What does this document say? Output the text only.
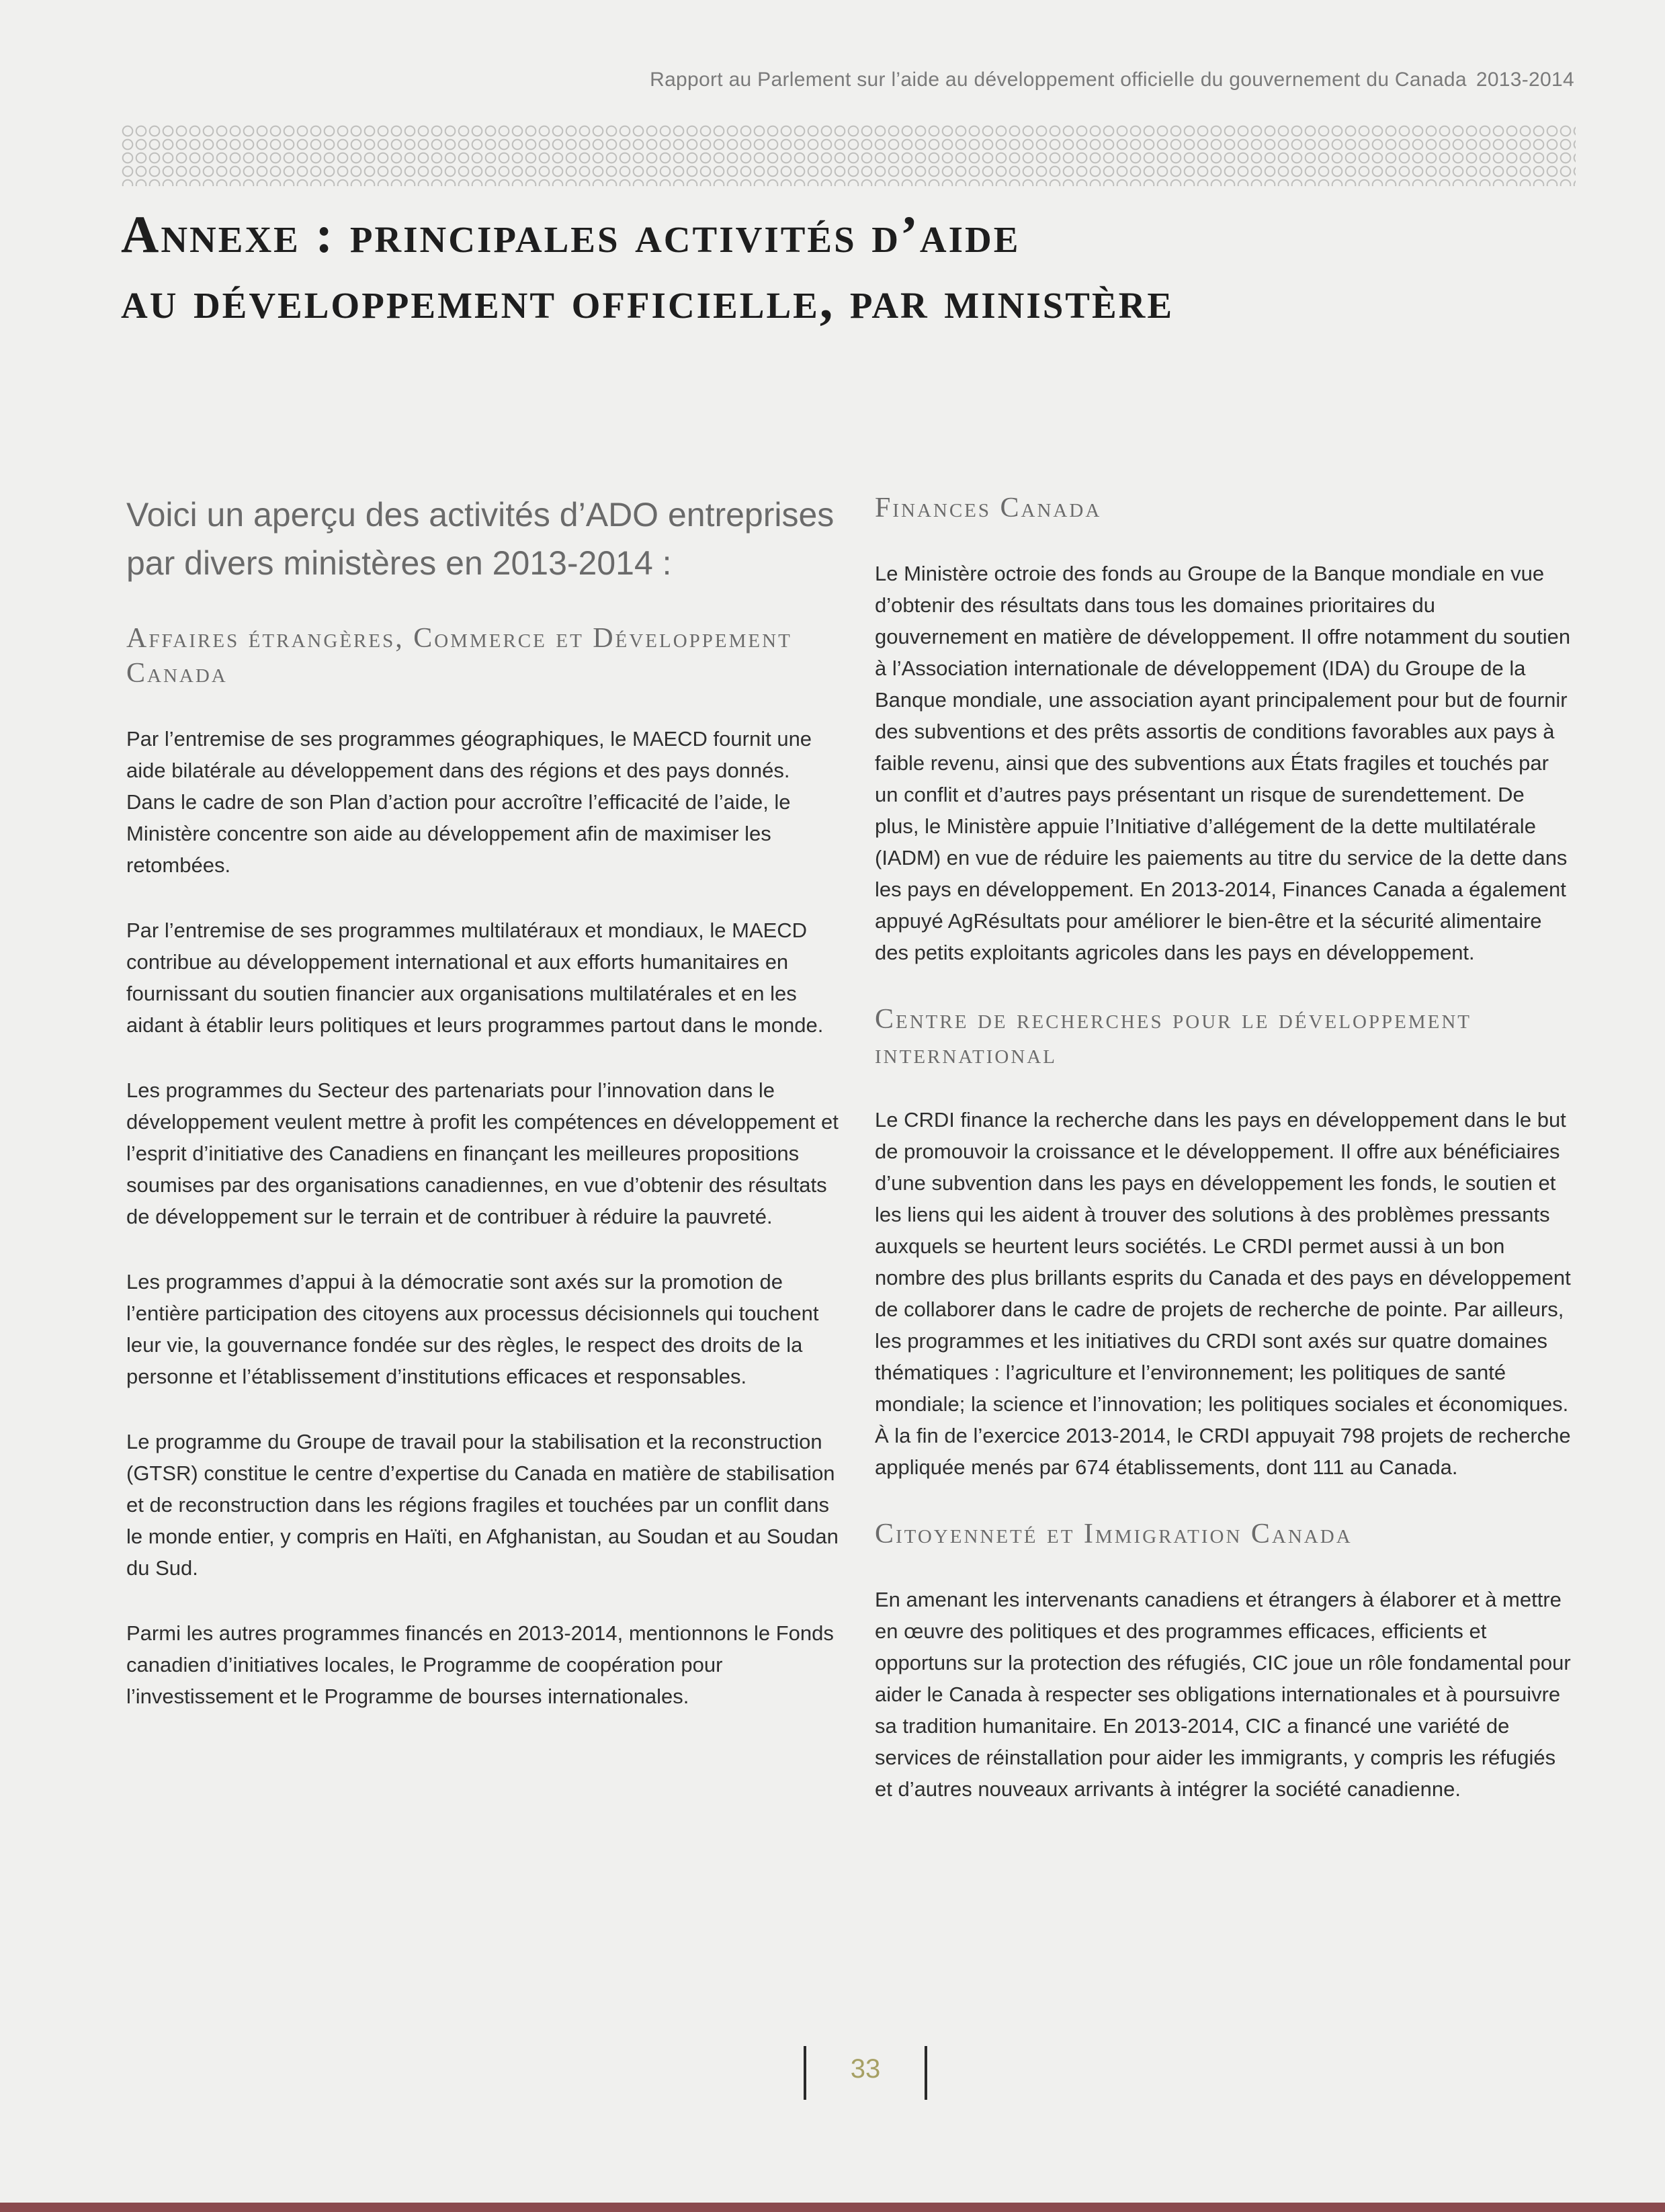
Rapport au Parlement sur l’aide au développement officielle du gouvernement du Canada 2013-2014
Annexe : principales activités d’aide
au développement officielle, par ministère

Voici un aperçu des activités d’ADO entreprises par divers ministères en 2013-2014 :

Affaires étrangères, Commerce et Développement Canada

Par l’entremise de ses programmes géographiques, le MAECD fournit une aide bilatérale au développement dans des régions et des pays donnés. Dans le cadre de son Plan d’action pour accroître l’efficacité de l’aide, le Ministère concentre son aide au développement afin de maximiser les retombées.

Par l’entremise de ses programmes multilatéraux et mondiaux, le MAECD contribue au développement international et aux efforts humanitaires en fournissant du soutien financier aux organisations multilatérales et en les aidant à établir leurs politiques et leurs programmes partout dans le monde.

Les programmes du Secteur des partenariats pour l’innovation dans le développement veulent mettre à profit les compétences en développement et l’esprit d’initiative des Canadiens en finançant les meilleures propositions soumises par des organisations canadiennes, en vue d’obtenir des résultats de développement sur le terrain et de contribuer à réduire la pauvreté.

Les programmes d’appui à la démocratie sont axés sur la promotion de l’entière participation des citoyens aux processus décisionnels qui touchent leur vie, la gouvernance fondée sur des règles, le respect des droits de la personne et l’établissement d’institutions efficaces et responsables.

Le programme du Groupe de travail pour la stabilisation et la reconstruction (GTSR) constitue le centre d’expertise du Canada en matière de stabilisation et de reconstruction dans les régions fragiles et touchées par un conflit dans le monde entier, y compris en Haïti, en Afghanistan, au Soudan et au Soudan du Sud.

Parmi les autres programmes financés en 2013-2014, mentionnons le Fonds canadien d’initiatives locales, le Programme de coopération pour l’investissement et le Programme de bourses internationales.

Finances Canada

Le Ministère octroie des fonds au Groupe de la Banque mondiale en vue d’obtenir des résultats dans tous les domaines prioritaires du gouvernement en matière de développement. Il offre notamment du soutien à l’Association internationale de développement (IDA) du Groupe de la Banque mondiale, une association ayant principalement pour but de fournir des subventions et des prêts assortis de conditions favorables aux pays à faible revenu, ainsi que des subventions aux États fragiles et touchés par un conflit et d’autres pays présentant un risque de surendettement. De plus, le Ministère appuie l’Initiative d’allégement de la dette multilatérale (IADM) en vue de réduire les paiements au titre du service de la dette dans les pays en développement. En 2013-2014, Finances Canada a également appuyé AgRésultats pour améliorer le bien-être et la sécurité alimentaire des petits exploitants agricoles dans les pays en développement.

Centre de recherches pour le développement international

Le CRDI finance la recherche dans les pays en développement dans le but de promouvoir la croissance et le développement. Il offre aux bénéficiaires d’une subvention dans les pays en développement les fonds, le soutien et les liens qui les aident à trouver des solutions à des problèmes pressants auxquels se heurtent leurs sociétés. Le CRDI permet aussi à un bon nombre des plus brillants esprits du Canada et des pays en développement de collaborer dans le cadre de projets de recherche de pointe. Par ailleurs, les programmes et les initiatives du CRDI sont axés sur quatre domaines thématiques : l’agriculture et l’environnement; les politiques de santé mondiale; la science et l’innovation; les politiques sociales et économiques. À la fin de l’exercice 2013-2014, le CRDI appuyait 798 projets de recherche appliquée menés par 674 établissements, dont 111 au Canada.

Citoyenneté et Immigration Canada

En amenant les intervenants canadiens et étrangers à élaborer et à mettre en œuvre des politiques et des programmes efficaces, efficients et opportuns sur la protection des réfugiés, CIC joue un rôle fondamental pour aider le Canada à respecter ses obligations internationales et à poursuivre sa tradition humanitaire. En 2013-2014, CIC a financé une variété de services de réinstallation pour aider les immigrants, y compris les réfugiés et d’autres nouveaux arrivants à intégrer la société canadienne.

33
